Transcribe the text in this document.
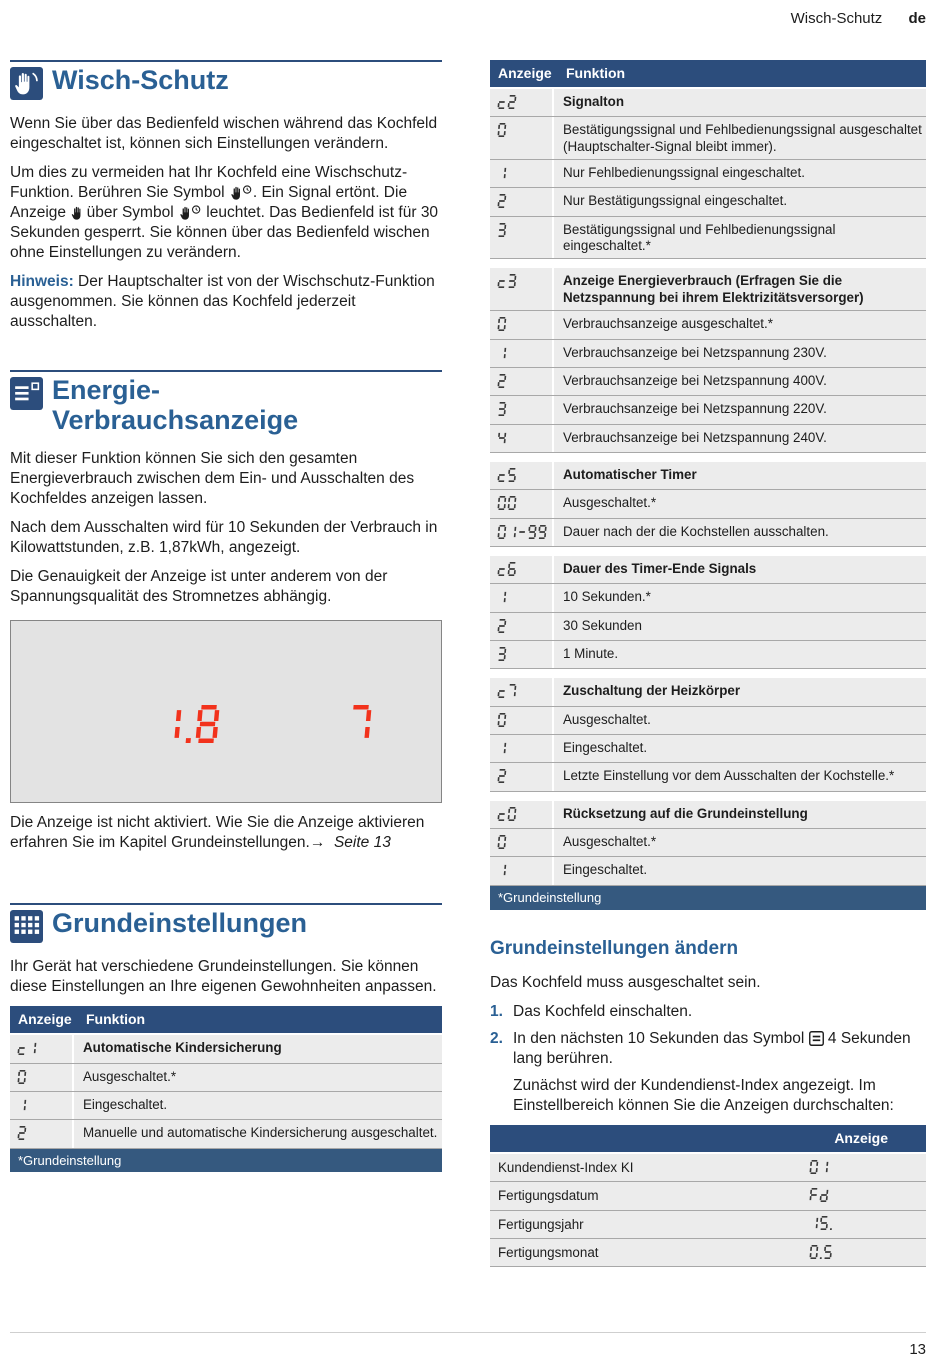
Wisch-Schutz de
Wisch-Schutz

Wenn Sie über das Bedienfeld wischen während das Kochfeld eingeschaltet ist, können sich Einstellungen verändern.

Um dies zu vermeiden hat Ihr Kochfeld eine Wischschutz-Funktion. Berühren Sie Symbol . Ein Signal ertönt. Die Anzeige über Symbol leuchtet. Das Bedienfeld ist für 30 Sekunden gesperrt. Sie können über das Bedienfeld wischen ohne Einstellungen zu verändern.

Hinweis: Der Hauptschalter ist von der Wischschutz-Funktion ausgenommen. Sie können das Kochfeld jederzeit ausschalten.

Energie-
Verbrauchsanzeige

Mit dieser Funktion können Sie sich den gesamten Energieverbrauch zwischen dem Ein- und Ausschalten des Kochfeldes anzeigen lassen.

Nach dem Ausschalten wird für 10 Sekunden der Verbrauch in Kilowattstunden, z.B. 1,87kWh, angezeigt.

Die Genauigkeit der Anzeige ist unter anderem von der Spannungsqualität des Stromnetzes abhängig.

Die Anzeige ist nicht aktiviert. Wie Sie die Anzeige aktivieren erfahren Sie im Kapitel Grundeinstellungen.→ Seite 13

Grundeinstellungen

Ihr Gerät hat verschiedene Grundeinstellungen. Sie können diese Einstellungen an Ihre eigenen Gewohnheiten anpassen.

Anzeige	Funktion
Automatische Kindersicherung
Ausgeschaltet.*
Eingeschaltet.
Manuelle und automatische Kindersicherung ausgeschaltet.
*Grundeinstellung
Anzeige	Funktion
Signalton
Bestätigungssignal und Fehlbedienungssignal ausgeschaltet (Hauptschalter-Signal bleibt immer).
Nur Fehlbedienungssignal eingeschaltet.
Nur Bestätigungssignal eingeschaltet.
Bestätigungssignal und Fehlbedienungssignal eingeschaltet.*
Anzeige Energieverbrauch (Erfragen Sie die Netzspannung bei ihrem Elektrizitätsversorger)
Verbrauchsanzeige ausgeschaltet.*
Verbrauchsanzeige bei Netzspannung 230V.
Verbrauchsanzeige bei Netzspannung 400V.
Verbrauchsanzeige bei Netzspannung 220V.
Verbrauchsanzeige bei Netzspannung 240V.
Automatischer Timer
Ausgeschaltet.*
Dauer nach der die Kochstellen ausschalten.
Dauer des Timer-Ende Signals
10 Sekunden.*
30 Sekunden
1 Minute.
Zuschaltung der Heizkörper
Ausgeschaltet.
Eingeschaltet.
Letzte Einstellung vor dem Ausschalten der Kochstelle.*
Rücksetzung auf die Grundeinstellung
Ausgeschaltet.*
Eingeschaltet.
*Grundeinstellung
Grundeinstellungen ändern

Das Kochfeld muss ausgeschaltet sein.

1. Das Kochfeld einschalten.
2. In den nächsten 10 Sekunden das Symbol 4 Sekunden lang berühren.

Zunächst wird der Kundendienst-Index angezeigt. Im Einstellbereich können Sie die Anzeigen durchschalten:

Anzeige
Kundendienst-Index KI
Fertigungsdatum
Fertigungsjahr
Fertigungsmonat
13
